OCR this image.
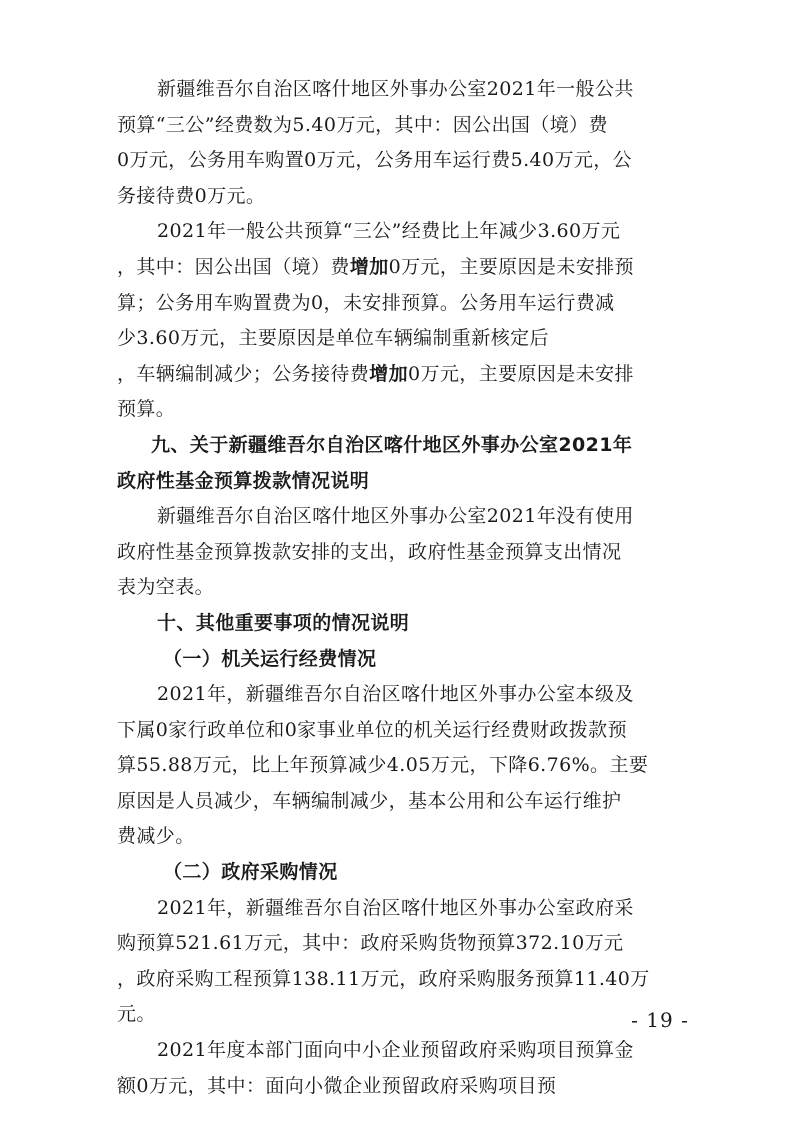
新疆维吾尔自治区喀什地区外事办公室2021年一般公共
预算“三公”经费数为5.40万元，其中：因公出国（境）费
0万元，公务用车购置0万元，公务用车运行费5.40万元，公
务接待费0万元。
2021年一般公共预算“三公”经费比上年减少3.60万元
，其中：因公出国（境）费增加0万元，主要原因是未安排预
算；公务用车购置费为0，未安排预算。公务用车运行费减
少3.60万元，主要原因是单位车辆编制重新核定后
，车辆编制减少；公务接待费增加0万元，主要原因是未安排
预算。
九、关于新疆维吾尔自治区喀什地区外事办公室2021年
政府性基金预算拨款情况说明
新疆维吾尔自治区喀什地区外事办公室2021年没有使用
政府性基金预算拨款安排的支出，政府性基金预算支出情况
表为空表。
十、其他重要事项的情况说明
（一）机关运行经费情况
2021年，新疆维吾尔自治区喀什地区外事办公室本级及
下属0家行政单位和0家事业单位的机关运行经费财政拨款预
算55.88万元，比上年预算减少4.05万元，下降6.76%。主要
原因是人员减少，车辆编制减少，基本公用和公车运行维护
费减少。
（二）政府采购情况
2021年，新疆维吾尔自治区喀什地区外事办公室政府采
购预算521.61万元，其中：政府采购货物预算372.10万元
，政府采购工程预算138.11万元，政府采购服务预算11.40万
元。
2021年度本部门面向中小企业预留政府采购项目预算金
额0万元，其中：面向小微企业预留政府采购项目预
- 19 -
